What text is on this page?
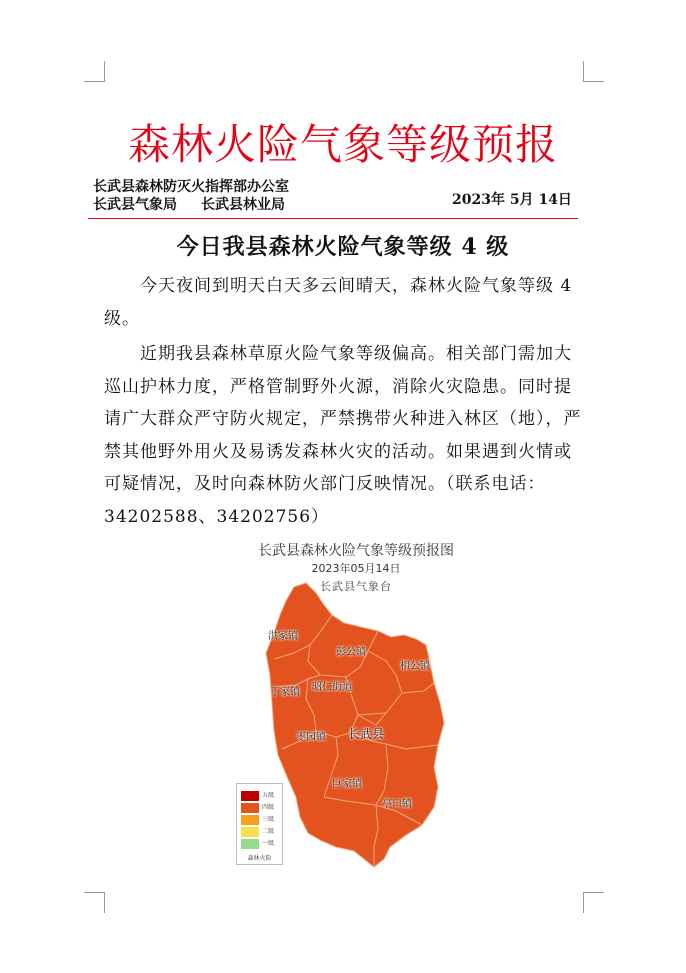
森林火险气象等级预报
长武县森林防灭火指挥部办公室
长武县气象局 长武县林业局	2023年 5月 14日
今日我县森林火险气象等级 4 级

今天夜间到明天白天多云间晴天，森林火险气象等级 4 级。

近期我县森林草原火险气象等级偏高。相关部门需加大巡山护林力度，严格管制野外火源，消除火灾隐患。同时提请广大群众严守防火规定，严禁携带火种进入林区（地），严禁其他野外用火及易诱发森林火灾的活动。如果遇到火情或可疑情况，及时向森林防火部门反映情况。（联系电话：34202588、34202756）

长武县森林火险气象等级预报图
2023年05月14日
长武县气象台
洪家镇
彭公镇
相公镇
丁家镇 昭仁街道
枣园镇 长武县
巨家镇
亭口镇
五级
四级
三级
二级
一级
森林火险
